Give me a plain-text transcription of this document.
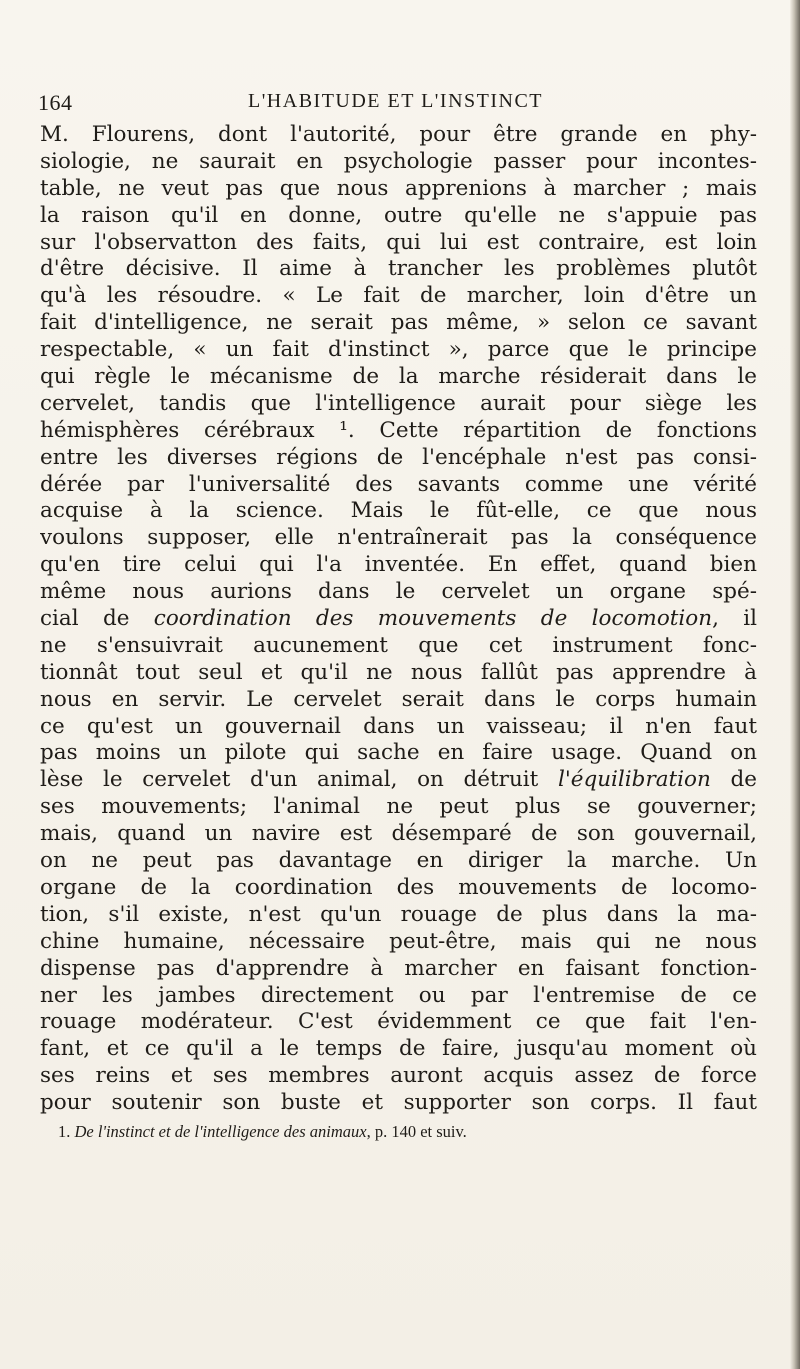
164	L'HABITUDE ET L'INSTINCT
M. Flourens, dont l'autorité, pour être grande en phy-
siologie, ne saurait en psychologie passer pour incontes-
table, ne veut pas que nous apprenions à marcher ; mais
la raison qu'il en donne, outre qu'elle ne s'appuie pas
sur l'observatton des faits, qui lui est contraire, est loin
d'être décisive. Il aime à trancher les problèmes plutôt
qu'à les résoudre. « Le fait de marcher, loin d'être un
fait d'intelligence, ne serait pas même, » selon ce savant
respectable, « un fait d'instinct », parce que le principe
qui règle le mécanisme de la marche résiderait dans le
cervelet, tandis que l'intelligence aurait pour siège les
hémisphères cérébraux ¹. Cette répartition de fonctions
entre les diverses régions de l'encéphale n'est pas consi-
dérée par l'universalité des savants comme une vérité
acquise à la science. Mais le fût-elle, ce que nous
voulons supposer, elle n'entraînerait pas la conséquence
qu'en tire celui qui l'a inventée. En effet, quand bien
même nous aurions dans le cervelet un organe spé-
cial de coordination des mouvements de locomotion, il
ne s'ensuivrait aucunement que cet instrument fonc-
tionnât tout seul et qu'il ne nous fallût pas apprendre à
nous en servir. Le cervelet serait dans le corps humain
ce qu'est un gouvernail dans un vaisseau; il n'en faut
pas moins un pilote qui sache en faire usage. Quand on
lèse le cervelet d'un animal, on détruit l'équilibration de
ses mouvements; l'animal ne peut plus se gouverner;
mais, quand un navire est désemparé de son gouvernail,
on ne peut pas davantage en diriger la marche. Un
organe de la coordination des mouvements de locomo-
tion, s'il existe, n'est qu'un rouage de plus dans la ma-
chine humaine, nécessaire peut-être, mais qui ne nous
dispense pas d'apprendre à marcher en faisant fonction-
ner les jambes directement ou par l'entremise de ce
rouage modérateur. C'est évidemment ce que fait l'en-
fant, et ce qu'il a le temps de faire, jusqu'au moment où
ses reins et ses membres auront acquis assez de force
pour soutenir son buste et supporter son corps. Il faut
1. De l'instinct et de l'intelligence des animaux, p. 140 et suiv.
